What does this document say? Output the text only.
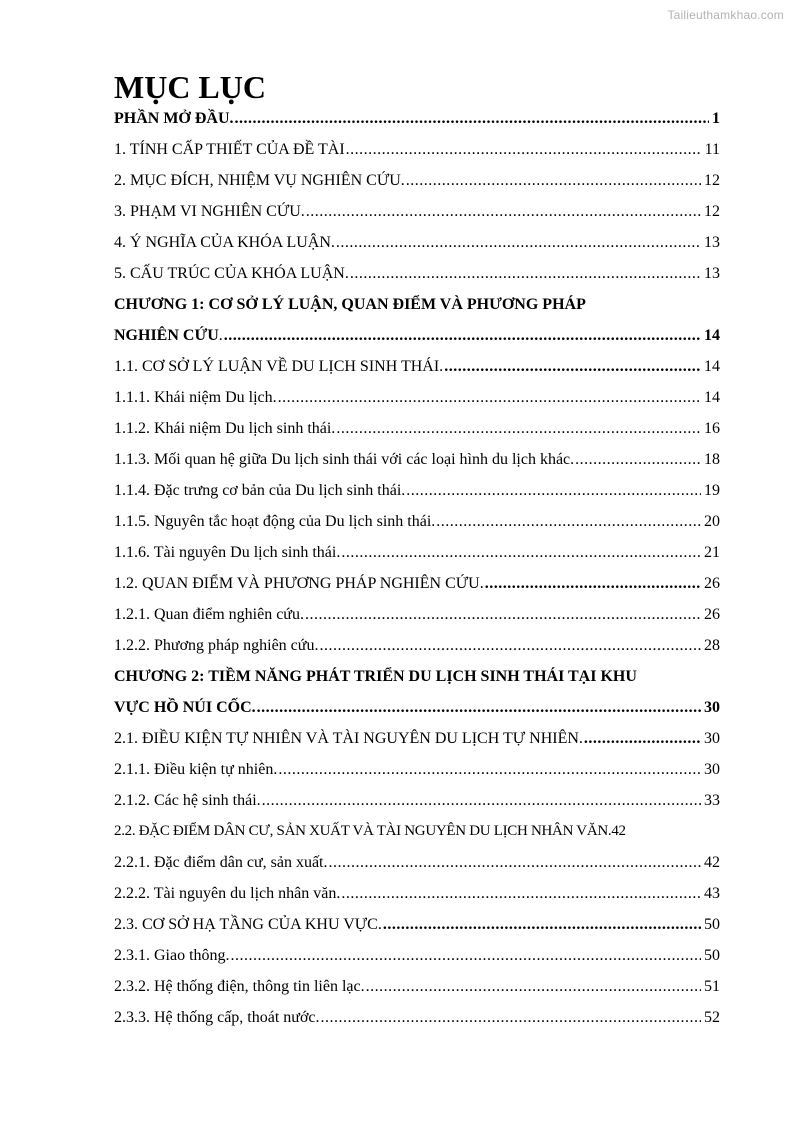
Tailieuthamkhao.com
MỤC LỤC
PHẦN MỞ ĐẦU. .....	1
1. TÍNH CẤP THIẾT CỦA ĐỀ TÀI .....	11
2. MỤC ĐÍCH, NHIỆM VỤ NGHIÊN CỨU. .....	12
3. PHẠM VI NGHIÊN CỨU. .....	12
4. Ý NGHĨA CỦA KHÓA LUẬN. .....	13
5. CẤU TRÚC CỦA KHÓA LUẬN. .....	13
CHƯƠNG 1: CƠ SỞ LÝ LUẬN, QUAN ĐIỂM VÀ PHƯƠNG PHÁP
NGHIÊN CỨU. .....	14
1.1. CƠ SỞ LÝ LUẬN VỀ DU LỊCH SINH THÁI. .....	14
1.1.1. Khái niệm Du lịch. .....	14
1.1.2. Khái niệm Du lịch sinh thái. .....	16
1.1.3. Mối quan hệ giữa Du lịch sinh thái với các loại hình du lịch khác. .....	18
1.1.4. Đặc trưng cơ bản của Du lịch sinh thái. .....	19
1.1.5. Nguyên tắc hoạt động của Du lịch sinh thái. .....	20
1.1.6. Tài nguyên Du lịch sinh thái. .....	21
1.2. QUAN ĐIỂM VÀ PHƯƠNG PHÁP NGHIÊN CỨU. .....	26
1.2.1. Quan điểm nghiên cứu. .....	26
1.2.2. Phương pháp nghiên cứu. .....	28
CHƯƠNG 2: TIỀM NĂNG PHÁT TRIỂN DU LỊCH SINH THÁI TẠI KHU
VỰC HỒ NÚI CỐC. .....	30
2.1. ĐIỀU KIỆN TỰ NHIÊN VÀ TÀI NGUYÊN DU LỊCH TỰ NHIÊN. .....	30
2.1.1. Điều kiện tự nhiên. .....	30
2.1.2. Các hệ sinh thái. .....	33
2.2. ĐẶC ĐIỂM DÂN CƯ, SẢN XUẤT VÀ TÀI NGUYÊN DU LỊCH NHÂN VĂN. 42
2.2.1. Đặc điểm dân cư, sản xuất. .....	42
2.2.2. Tài nguyên du lịch nhân văn. .....	43
2.3. CƠ SỞ HẠ TẦNG CỦA KHU VỰC. .....	50
2.3.1. Giao thông. .....	50
2.3.2. Hệ thống điện, thông tin liên lạc. .....	51
2.3.3. Hệ thống cấp, thoát nước. .....	52
